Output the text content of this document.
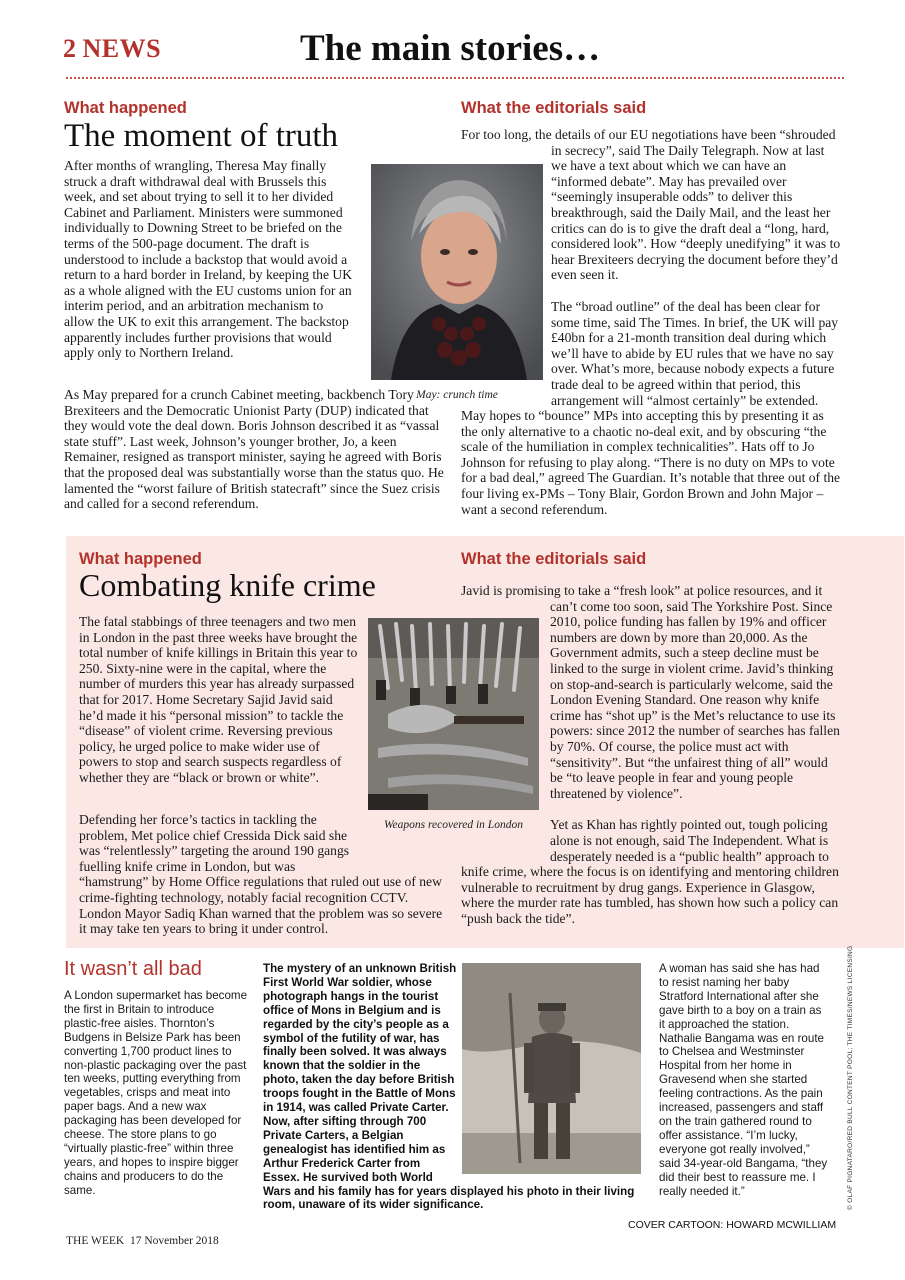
2 NEWS	The main stories…
What happened
The moment of truth

After months of wrangling, Theresa May finally struck a draft withdrawal deal with Brussels this week, and set about trying to sell it to her divided Cabinet and Parliament. Ministers were summoned individually to Downing Street to be briefed on the terms of the 500-page document. The draft is understood to include a backstop that would avoid a return to a hard border in Ireland, by keeping the UK as a whole aligned with the EU customs union for an interim period, and an arbitration mechanism to allow the UK to exit this arrangement. The backstop apparently includes further provisions that would apply only to Northern Ireland.

As May prepared for a crunch Cabinet meeting, backbench Tory Brexiteers and the Democratic Unionist Party (DUP) indicated that they would vote the deal down. Boris Johnson described it as “vassal state stuff”. Last week, Johnson’s younger brother, Jo, a keen Remainer, resigned as transport minister, saying he agreed with Boris that the proposed deal was substantially worse than the status quo. He lamented the “worst failure of British statecraft” since the Suez crisis and called for a second referendum.

May: crunch time
What the editorials said

For too long, the details of our EU negotiations have been “shrouded in secrecy”, said The Daily Telegraph. Now at last we have a text about which we can have an “informed debate”. May has prevailed over “seemingly insuperable odds” to deliver this breakthrough, said the Daily Mail, and the least her critics can do is to give the draft deal a “long, hard, considered look”. How “deeply unedifying” it was to hear Brexiteers decrying the document before they’d even seen it.

The “broad outline” of the deal has been clear for some time, said The Times. In brief, the UK will pay £40bn for a 21-month transition deal during which we’ll have to abide by EU rules that we have no say over. What’s more, because nobody expects a future trade deal to be agreed within that period, this arrangement will “almost certainly” be extended. May hopes to “bounce” MPs into accepting this by presenting it as the only alternative to a chaotic no-deal exit, and by obscuring “the scale of the humiliation in complex technicalities”. Hats off to Jo Johnson for refusing to play along. “There is no duty on MPs to vote for a bad deal,” agreed The Guardian. It’s notable that three out of the four living ex-PMs – Tony Blair, Gordon Brown and John Major – want a second referendum.

What happened
Combating knife crime

The fatal stabbings of three teenagers and two men in London in the past three weeks have brought the total number of knife killings in Britain this year to 250. Sixty-nine were in the capital, where the number of murders this year has already surpassed that for 2017. Home Secretary Sajid Javid said he’d made it his “personal mission” to tackle the “disease” of violent crime. Reversing previous policy, he urged police to make wider use of powers to stop and search suspects regardless of whether they are “black or brown or white”.

Defending her force’s tactics in tackling the problem, Met police chief Cressida Dick said she was “relentlessly” targeting the around 190 gangs fuelling knife crime in London, but was “hamstrung” by Home Office regulations that ruled out use of new crime-fighting technology, notably facial recognition CCTV. London Mayor Sadiq Khan warned that the problem was so severe it may take ten years to bring it under control.

Weapons recovered in London
What the editorials said

Javid is promising to take a “fresh look” at police resources, and it can’t come too soon, said The Yorkshire Post. Since 2010, police funding has fallen by 19% and officer numbers are down by more than 20,000. As the Government admits, such a steep decline must be linked to the surge in violent crime. Javid’s thinking on stop-and-search is particularly welcome, said the London Evening Standard. One reason why knife crime has “shot up” is the Met’s reluctance to use its powers: since 2012 the number of searches has fallen by 70%. Of course, the police must act with “sensitivity”. But “the unfairest thing of all” would be “to leave people in fear and young people threatened by violence”.

Yet as Khan has rightly pointed out, tough policing alone is not enough, said The Independent. What is desperately needed is a “public health” approach to knife crime, where the focus is on identifying and mentoring children vulnerable to recruitment by drug gangs. Experience in Glasgow, where the murder rate has tumbled, has shown how such a policy can “push back the tide”.

It wasn’t all bad
A London supermarket has become the first in Britain to introduce plastic-free aisles. Thornton’s Budgens in Belsize Park has been converting 1,700 product lines to non-plastic packaging over the past ten weeks, putting everything from vegetables, crisps and meat into paper bags. And a new wax packaging has been developed for cheese. The store plans to go “virtually plastic-free” within three years, and hopes to inspire bigger chains and producers to do the same.
The mystery of an unknown British First World War soldier, whose photograph hangs in the tourist office of Mons in Belgium and is regarded by the city’s people as a symbol of the futility of war, has finally been solved. It was always known that the soldier in the photo, taken the day before British troops fought in the Battle of Mons in 1914, was called Private Carter. Now, after sifting through 700 Private Carters, a Belgian genealogist has identified him as Arthur Frederick Carter from Essex. He survived both World Wars and his family has for years displayed his photo in their living room, unaware of its wider significance.
A woman has said she has had to resist naming her baby Stratford International after she gave birth to a boy on a train as it approached the station. Nathalie Bangama was en route to Chelsea and Westminster Hospital from her home in Gravesend when she started feeling contractions. As the pain increased, passengers and staff on the train gathered round to offer assistance. “I’m lucky, everyone got really involved,” said 34-year-old Bangama, “they did their best to reassure me. I really needed it.”	© OLAF PIGNATARO/RED BULL CONTENT POOL; THE TIMES/NEWS LICENSING
COVER CARTOON: HOWARD MCWILLIAM
THE WEEK  17 November 2018
